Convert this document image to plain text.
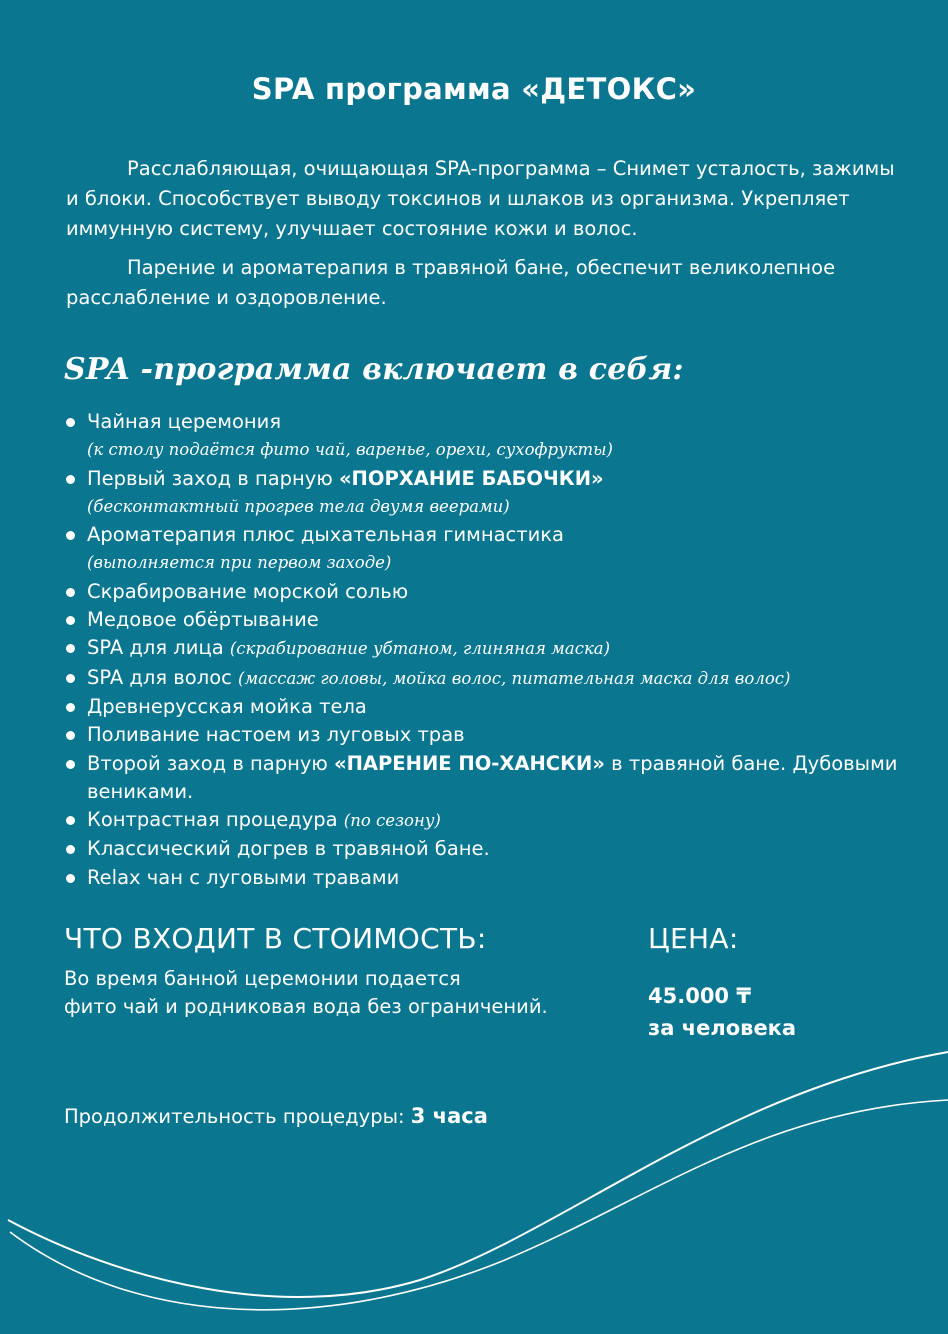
SPA программа «ДЕТОКС»

Расслабляющая, очищающая SPA-программа – Снимет усталость, зажимы и блоки. Способствует выводу токсинов и шлаков из организма. Укрепляет иммунную систему, улучшает состояние кожи и волос.

Парение и ароматерапия в травяной бане, обеспечит великолепное расслабление и оздоровление.

SPA -программа включает в себя:
Чайная церемония
(к столу подаётся фито чай, варенье, орехи, сухофрукты)
Первый заход в парную «ПОРХАНИЕ БАБОЧКИ»
(бесконтактный прогрев тела двумя веерами)
Ароматерапия плюс дыхательная гимнастика
(выполняется при первом заходе)
Скрабирование морской солью
Медовое обёртывание
SPA для лица (скрабирование убтаном, глиняная маска)
SPA для волос (массаж головы, мойка волос, питательная маска для волос)
Древнерусская мойка тела
Поливание настоем из луговых трав
Второй заход в парную «ПАРЕНИЕ ПО-ХАНСКИ» в травяной бане. Дубовыми вениками.
Контрастная процедура (по сезону)
Классический догрев в травяной бане.
Relax чан с луговыми травами
ЧТО ВХОДИТ В СТОИМОСТЬ:
Во время банной церемонии подается
фито чай и родниковая вода без ограничений.
ЦЕНА:
45.000 ₸
за человека
Продолжительность процедуры: 3 часа
